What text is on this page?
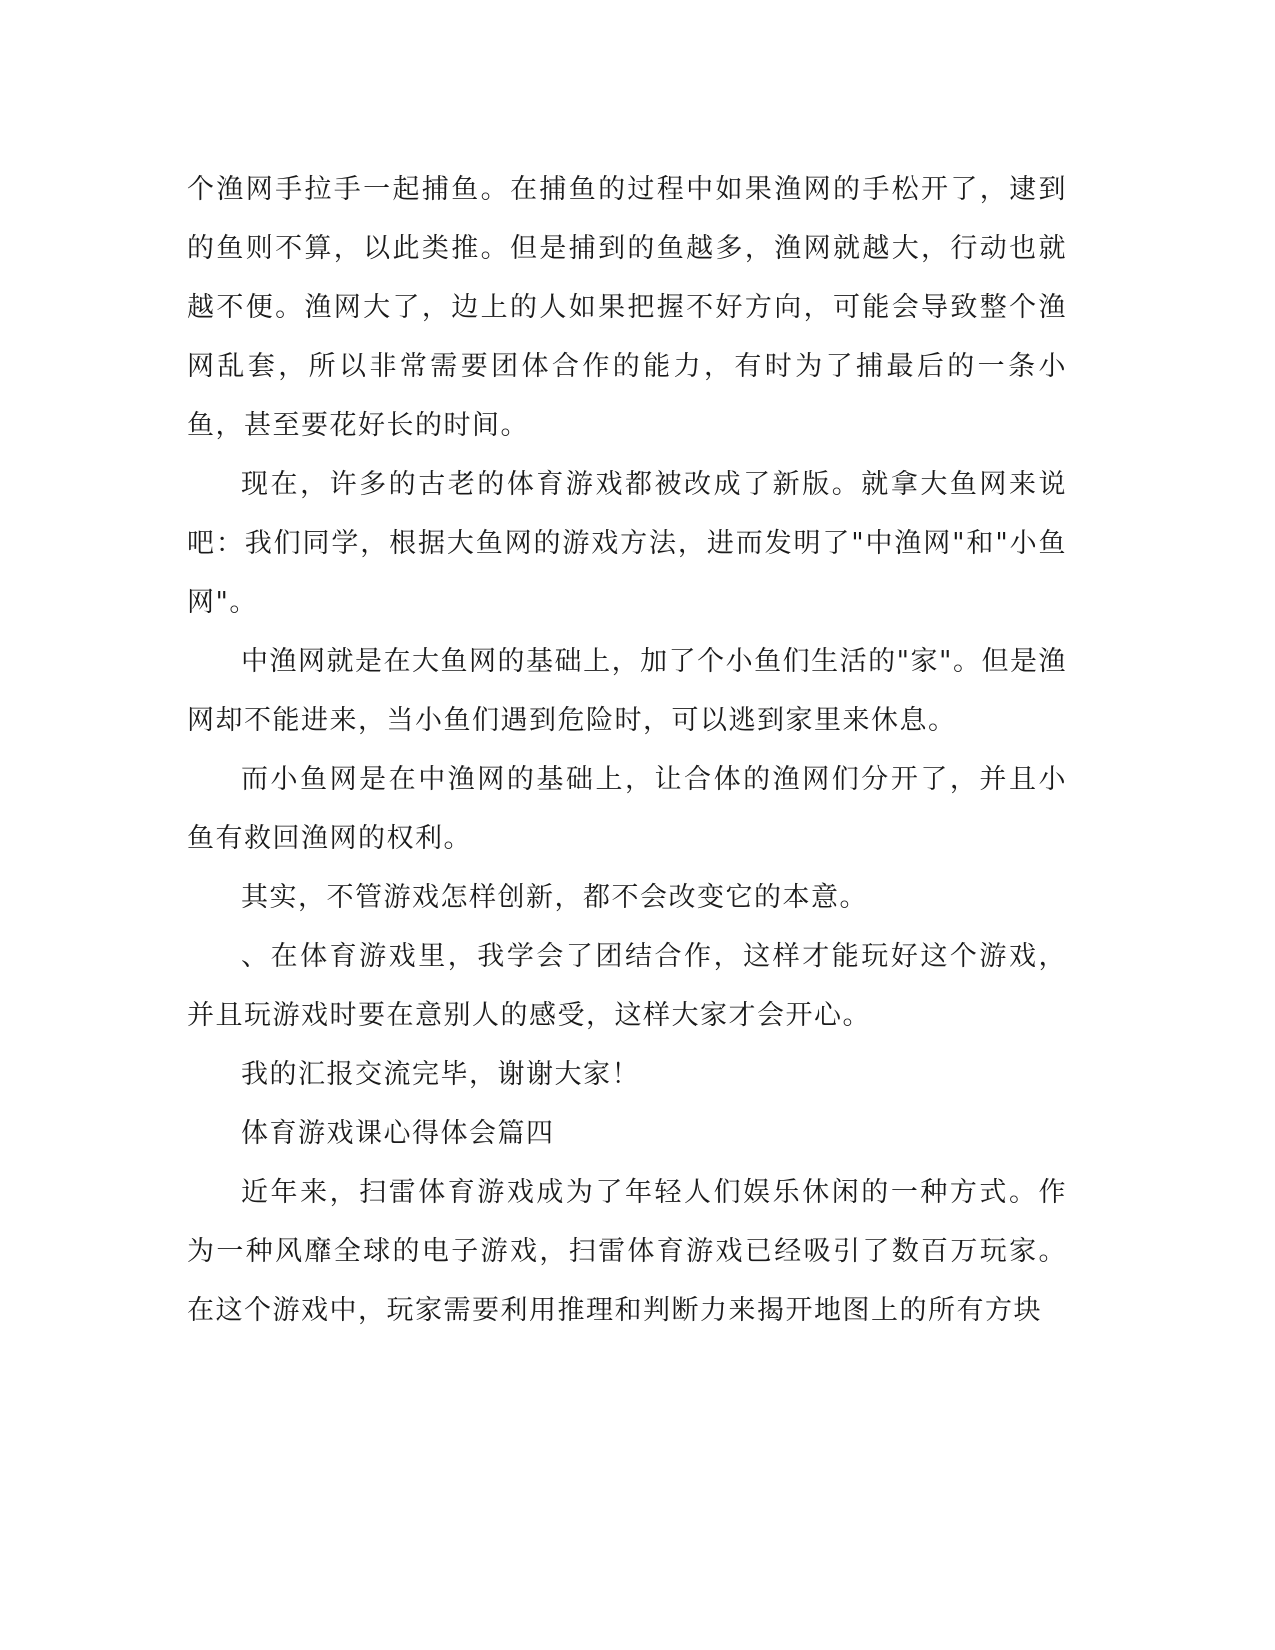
个渔网手拉手一起捕鱼。在捕鱼的过程中如果渔网的手松开了，逮到的鱼则不算，以此类推。但是捕到的鱼越多，渔网就越大，行动也就越不便。渔网大了，边上的人如果把握不好方向，可能会导致整个渔网乱套，所以非常需要团体合作的能力，有时为了捕最后的一条小鱼，甚至要花好长的时间。

现在，许多的古老的体育游戏都被改成了新版。就拿大鱼网来说吧：我们同学，根据大鱼网的游戏方法，进而发明了"中渔网"和"小鱼网"。

中渔网就是在大鱼网的基础上，加了个小鱼们生活的"家"。但是渔网却不能进来，当小鱼们遇到危险时，可以逃到家里来休息。

而小鱼网是在中渔网的基础上，让合体的渔网们分开了，并且小鱼有救回渔网的权利。

其实，不管游戏怎样创新，都不会改变它的本意。

、在体育游戏里，我学会了团结合作，这样才能玩好这个游戏，并且玩游戏时要在意别人的感受，这样大家才会开心。

我的汇报交流完毕，谢谢大家！

体育游戏课心得体会篇四

近年来，扫雷体育游戏成为了年轻人们娱乐休闲的一种方式。作为一种风靡全球的电子游戏，扫雷体育游戏已经吸引了数百万玩家。在这个游戏中，玩家需要利用推理和判断力来揭开地图上的所有方块
